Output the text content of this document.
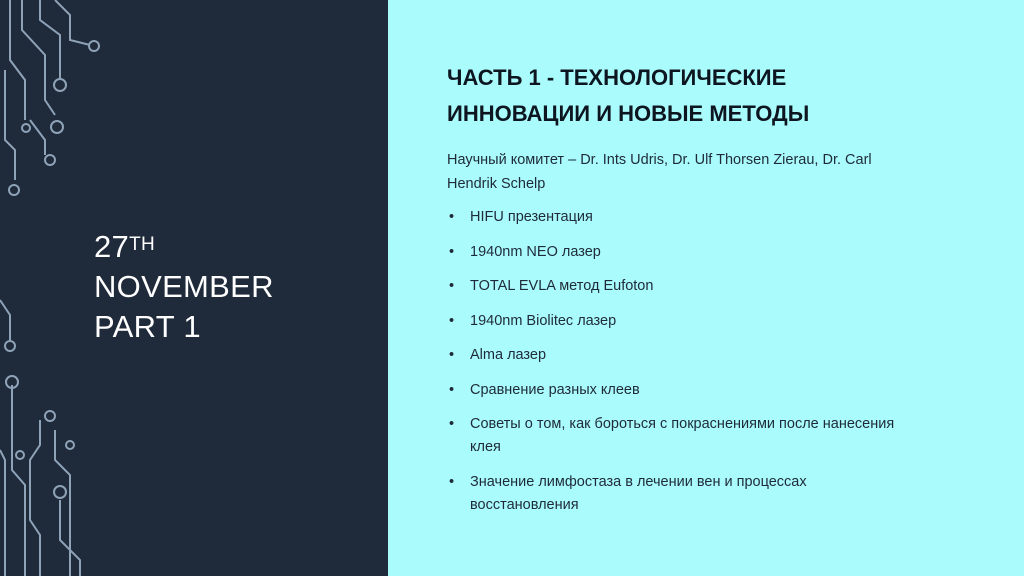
27TH
NOVEMBER
PART 1
ЧАСТЬ 1 - ТЕХНОЛОГИЧЕСКИЕ
ИННОВАЦИИ И НОВЫЕ МЕТОДЫ
Научный комитет – Dr. Ints Udris, Dr. Ulf Thorsen Zierau, Dr. Carl Hendrik Schelp
• HIFU презентация
• 1940nm NEO лазер
• TOTAL EVLA метод Eufoton
• 1940nm Biolitec лазер
• Alma лазер
• Сравнение разных клеев
• Советы о том, как бороться с покраснениями после нанесения клея
• Значение лимфостаза в лечении вен и процессах восстановления
